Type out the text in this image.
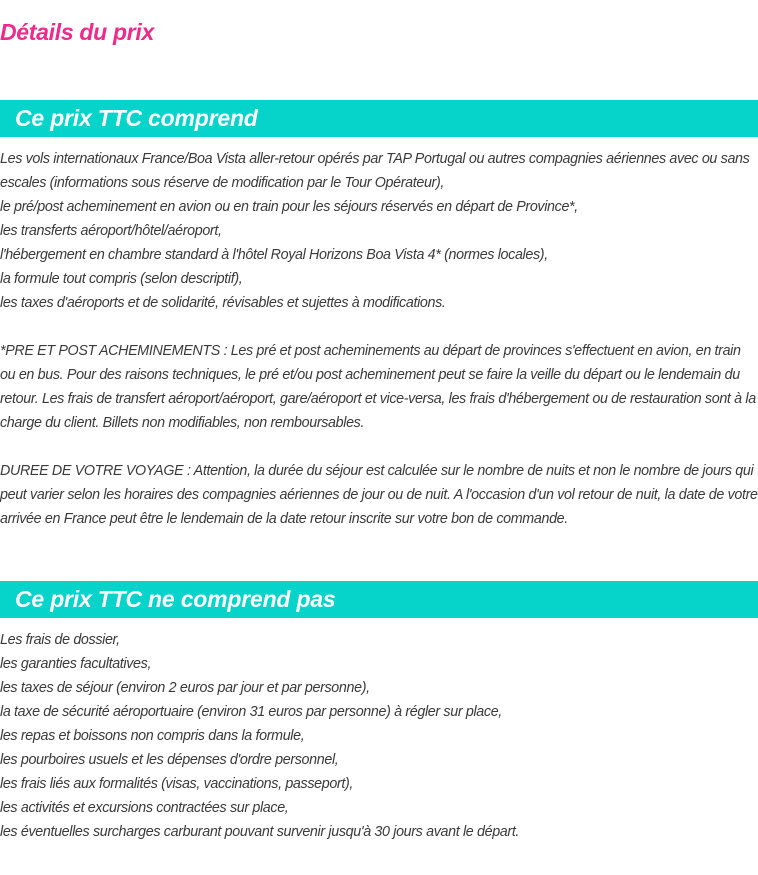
Détails du prix
Ce prix TTC comprend

Les vols internationaux France/Boa Vista aller-retour opérés par TAP Portugal ou autres compagnies aériennes avec ou sans escales (informations sous réserve de modification par le Tour Opérateur),

le pré/post acheminement en avion ou en train pour les séjours réservés en départ de Province*,

les transferts aéroport/hôtel/aéroport,

l'hébergement en chambre standard à l'hôtel Royal Horizons Boa Vista 4* (normes locales),

la formule tout compris (selon descriptif),

les taxes d'aéroports et de solidarité, révisables et sujettes à modifications.

*PRE ET POST ACHEMINEMENTS : Les pré et post acheminements au départ de provinces s'effectuent en avion, en train ou en bus. Pour des raisons techniques, le pré et/ou post acheminement peut se faire la veille du départ ou le lendemain du retour. Les frais de transfert aéroport/aéroport, gare/aéroport et vice-versa, les frais d'hébergement ou de restauration sont à la charge du client. Billets non modifiables, non remboursables.

DUREE DE VOTRE VOYAGE : Attention, la durée du séjour est calculée sur le nombre de nuits et non le nombre de jours qui peut varier selon les horaires des compagnies aériennes de jour ou de nuit. A l'occasion d'un vol retour de nuit, la date de votre arrivée en France peut être le lendemain de la date retour inscrite sur votre bon de commande.

Ce prix TTC ne comprend pas

Les frais de dossier,

les garanties facultatives,

les taxes de séjour (environ 2 euros par jour et par personne),

la taxe de sécurité aéroportuaire (environ 31 euros par personne) à régler sur place,

les repas et boissons non compris dans la formule,

les pourboires usuels et les dépenses d'ordre personnel,

les frais liés aux formalités (visas, vaccinations, passeport),

les activités et excursions contractées sur place,

les éventuelles surcharges carburant pouvant survenir jusqu'à 30 jours avant le départ.
